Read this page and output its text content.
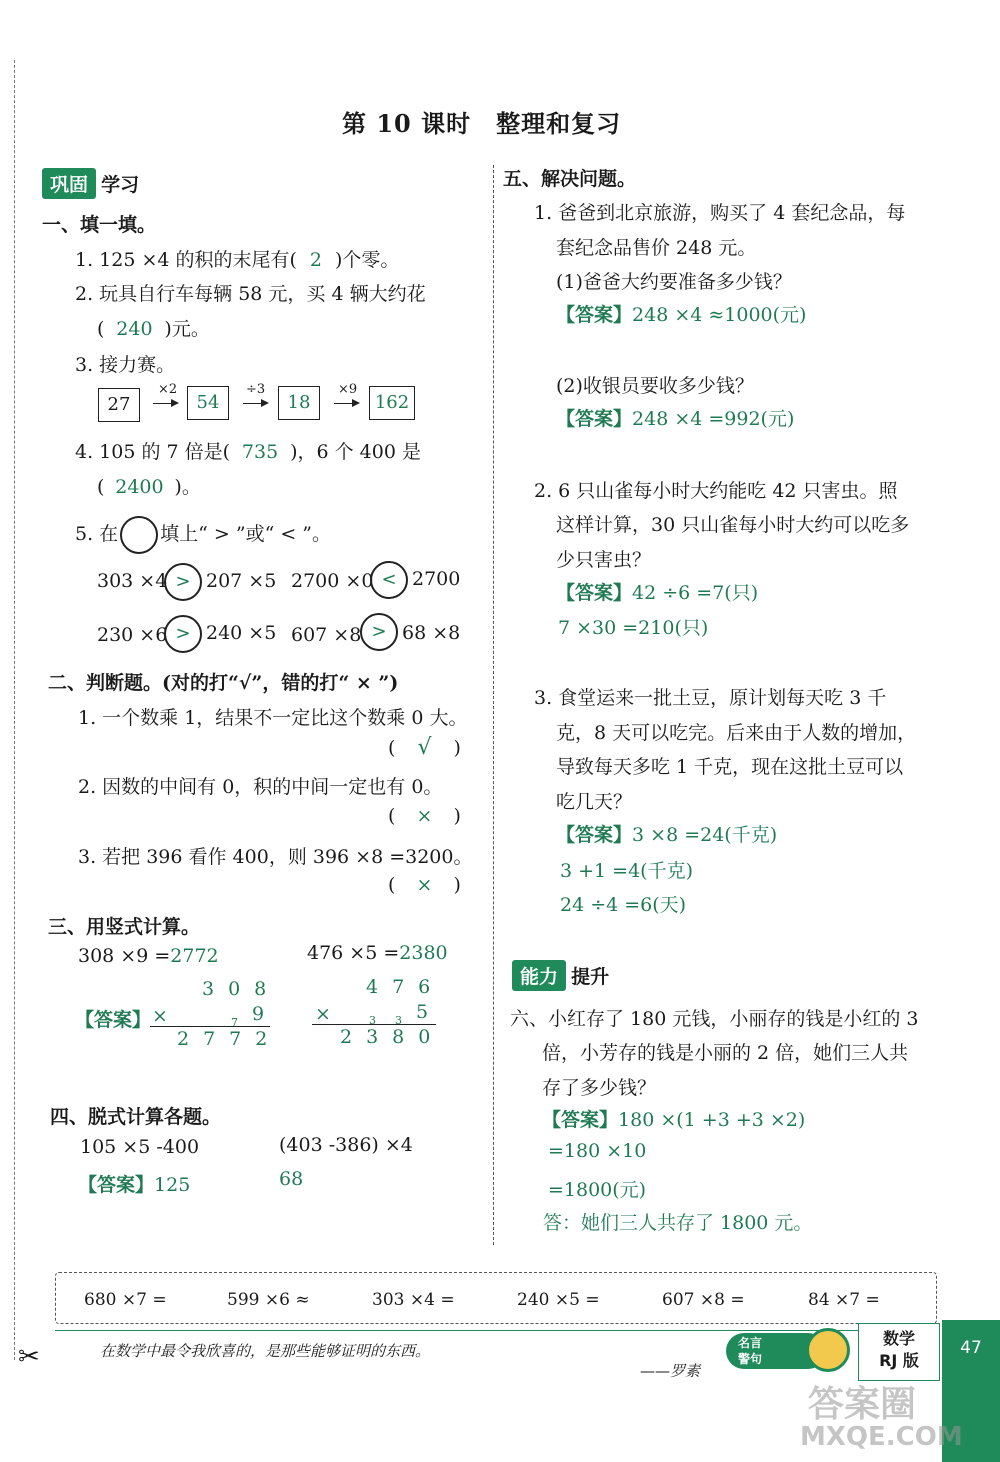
第 10 课时　整理和复习
巩固 学习
一、填一填。
1. 125 ×4 的积的末尾有( 2 )个零。
2. 玩具自行车每辆 58 元，买 4 辆大约花
( 240 )元。
3. 接力赛。
27
×2
54
÷3
18
×9
162
4. 105 的 7 倍是( 735 )，6 个 400 是
( 2400 )。
5. 在 填上“ > ”或“ < ”。
303 ×4 > 207 ×5 2700 ×0 < 2700
230 ×6 > 240 ×5 607 ×8 > 68 ×8
二、判断题。(对的打“√”，错的打“ × ”)
1. 一个数乘 1，结果不一定比这个数乘 0 大。
( √ )
2. 因数的中间有 0，积的中间一定也有 0。
( × )
3. 若把 396 看作 400，则 396 ×8 =3200。
( × )
三、用竖式计算。
308 ×9 =2772	476 ×5 =2380
【答案】
308
×	7 9
2772
476
×	3 3 5
2380
四、脱式计算各题。
105 ×5 -400	(403 -386) ×4
【答案】125	68
五、解决问题。
1. 爸爸到北京旅游，购买了 4 套纪念品，每
套纪念品售价 248 元。
(1)爸爸大约要准备多少钱？
【答案】248 ×4 ≈1000(元)
(2)收银员要收多少钱？
【答案】248 ×4 =992(元)
2. 6 只山雀每小时大约能吃 42 只害虫。照
这样计算，30 只山雀每小时大约可以吃多
少只害虫？
【答案】42 ÷6 =7(只)
7 ×30 =210(只)
3. 食堂运来一批土豆，原计划每天吃 3 千
克，8 天可以吃完。后来由于人数的增加，
导致每天多吃 1 千克，现在这批土豆可以
吃几天？
【答案】3 ×8 =24(千克)
3 +1 =4(千克)
24 ÷4 =6(天)
能力 提升
六、小红存了 180 元钱，小丽存的钱是小红的 3
倍，小芳存的钱是小丽的 2 倍，她们三人共
存了多少钱？
【答案】180 ×(1 +3 +3 ×2)
=180 ×10
=1800(元)
答：她们三人共存了 1800 元。
680 ×7 =	599 ×6 ≈	303 ×4 =	240 ×5 =	607 ×8 =	84 ×7 =
✂	在数学中最令我欣喜的，是那些能够证明的东西。
——罗素
名言
警句
数学
RJ 版
47
答案圈
MXQE.COM
